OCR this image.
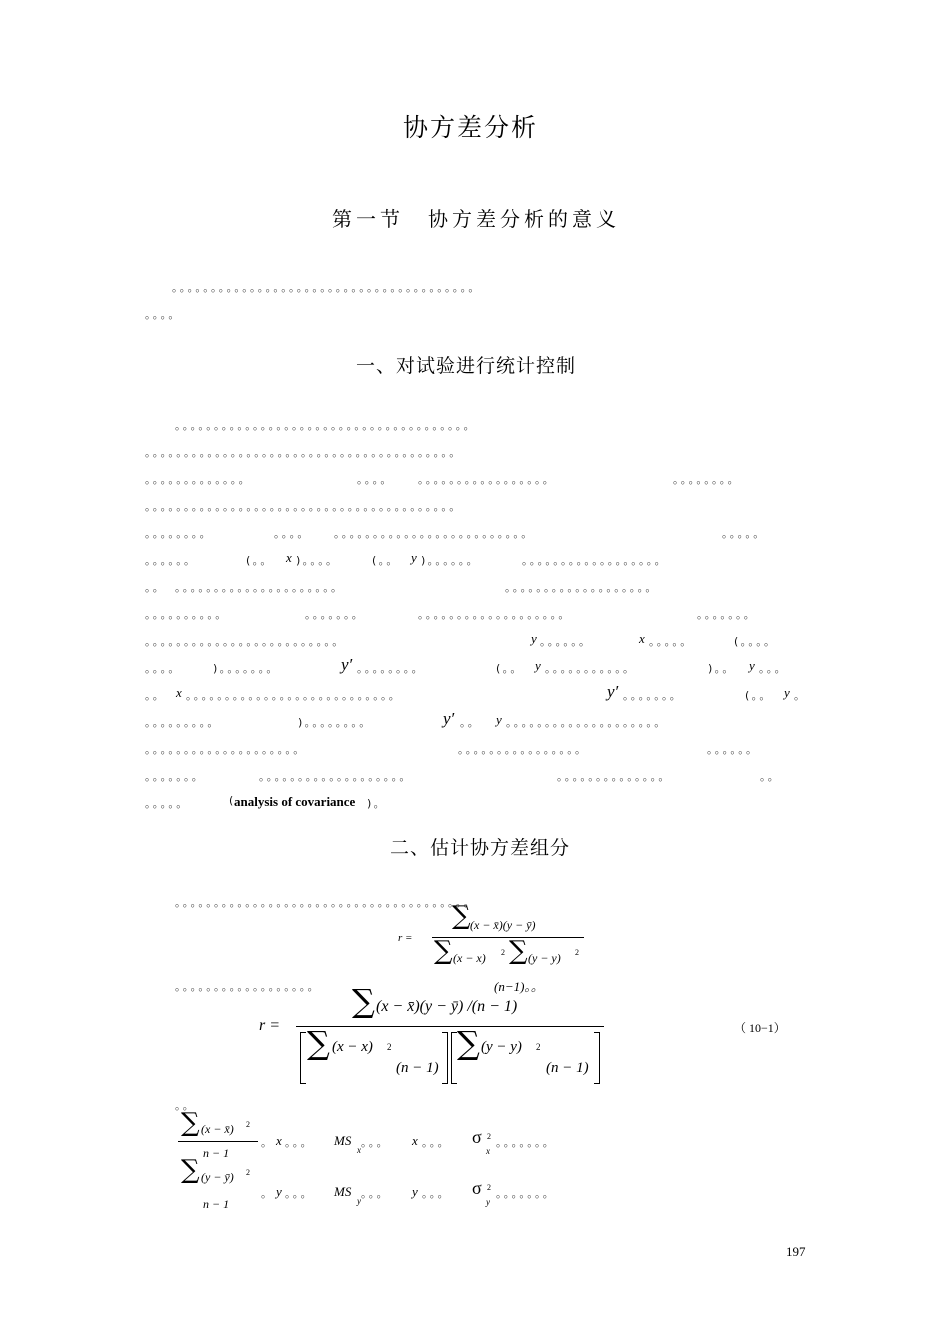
协方差分析
第一节　协方差分析的意义
。。。。。。。。。。。。。。。。。。。。。。。。。。。。。。。。。。。。。。。
。。。。
一、对试验进行统计控制
。。。。。。。。。。。。。。。。。。。。。。。。。。。。。。。。。。。。。。
。。。。。。。。。。。。。。。。。。。。。。。。。。。。。。。。。。。。。。。。
。。。。。。。。。。。。。	。。。。 。。。。。。。。。。。。。。。。。	。。。。。。。。
。。。。。。。。。。。。。。。。。。。。。。。。。。。。。。。。。。。。。。。。
。。。。。。。。	。。。。 。。。。。。。。。。。。。。。。。。。。。。。。。	。。。。。
。。。。。。	(。。 x )。。。。	(。。 y )。。。。。。	。。。。。。。。。。。。。。。。。。
。。 。。。。。。。。。。。。。。。。。。。。。	。。。。。。。。。。。。。。。。。。。
。。。。。。。。。。	。。。。。。。	。。。。。。。。。。。。。。。。。。。	。。。。。。。
。。。。。。。。。。。。。。。。。。。。。。。。。	y 。。。。。。	x 。。。。。	(。。。。
。。。。	)。。。。。。。	y′ 。。。。。。。。	(。。 y 。。。。。。。。。。。	)。。 y 。。。
。。 x 。。。。。。。。。。。。。。。。。。。。。。。。。。。	y′ 。。。。。。。	(。。 y 。
。。。。。。。。。	)。。。。。。。。	y′ 。。 y 。。。。。。。。。。。。。。。。。。。。
。。。。。。。。。。。。。。。。。。。。	。。。。。。。。。。。。。。。。	。。。。。。
。。。。。。。	。。。。。。。。。。。。。。。。。。。	。。。。。。。。。。。。。。	。。
。。。。。	(
analysis of covariance )。
二、估计协方差组分
。。。。。。。。。。。。。。。。。。。。。。。。。。。。。。。。。。。。。。
r =
∑ (x − x̄)(y − ȳ)
∑ (x − x) 2 ∑ (y − y) 2
。。。。。。。。。。。。。。。。。。	(n−1)。。
r =
∑ (x − x̄)(y − ȳ) /(n − 1)
∑ (x − x) 2
(n − 1)
∑ (y − y) 2
(n − 1)
（ 10−1）
。。
∑ (x − x̄) 2
n − 1
。 x 。。。 MS
x
。。。 x 。。。 σ 2
x
。。。。。。。
∑ (y − ȳ) 2
n − 1
。 y 。。。 MS
y
。。。 y 。。。 σ 2
y
。。。。。。。
197
